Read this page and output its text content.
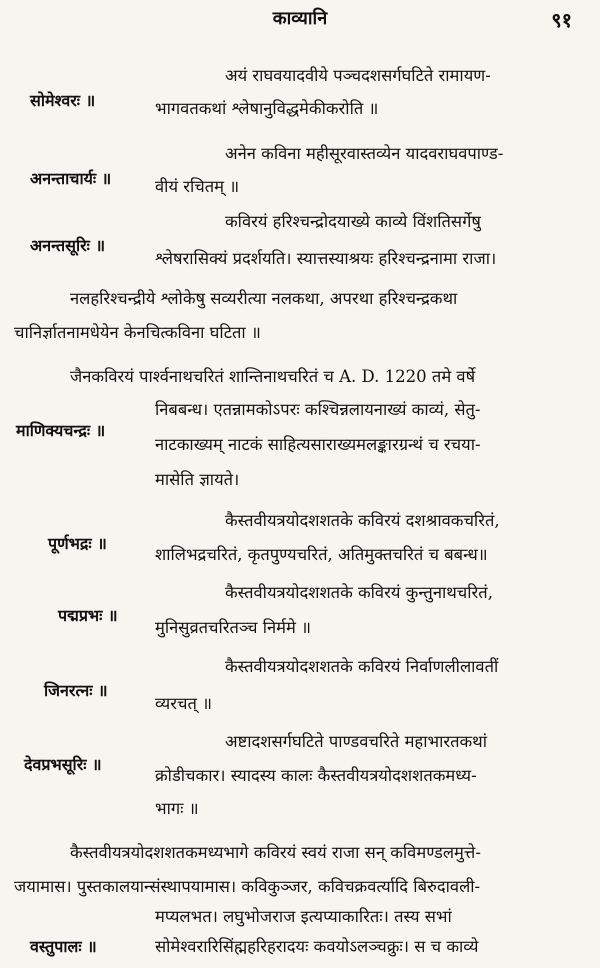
काव्यानि	९१
सोमेश्वरः ॥
अयं राघवयादवीये पञ्चदशसर्गघटिते रामायण-
भागवतकथां श्लेषानुविद्धमेकीकरोति ॥
अनन्ताचार्यः ॥
अनेन कविना महीसूरवास्तव्येन यादवराघवपाण्ड-
वीयं रचितम् ॥
अनन्तसूरिः ॥
कविरयं हरिश्चन्द्रोदयाख्ये काव्ये विंशतिसर्गेषु
श्लेषरासिक्यं प्रदर्शयति। स्यात्तस्याश्रयः हरिश्चन्द्रनामा राजा।
नलहरिश्चन्द्रीये श्लोकेषु सव्यरीत्या नलकथा, अपरथा हरिश्चन्द्रकथा
चानिर्ज्ञातनामधेयेन केनचित्कविना घटिता ॥
जैनकविरयं पार्श्वनाथचरितं शान्तिनाथचरितं च A. D. 1220 तमे वर्षे
माणिक्यचन्द्रः ॥
निबबन्ध। एतन्नामकोऽपरः कश्चिन्नलायनाख्यं काव्यं, सेतु-
नाटकाख्यम् नाटकं साहित्यसाराख्यमलङ्कारग्रन्थं च रचया-
मासेति ज्ञायते।
पूर्णभद्रः ॥
कैस्तवीयत्रयोदशशतके कविरयं दशश्रावकचरितं,
शालिभद्रचरितं, कृतपुण्यचरितं, अतिमुक्तचरितं च बबन्ध॥
पद्मप्रभः ॥
कैस्तवीयत्रयोदशशतके कविरयं कुन्तुनाथचरितं,
मुनिसुव्रतचरितञ्च निर्ममे ॥
जिनरत्नः ॥
कैस्तवीयत्रयोदशशतके कविरयं निर्वाणलीलावतीं
व्यरचत् ॥
देवप्रभसूरिः ॥
अष्टादशसर्गघटिते पाण्डवचरिते महाभारतकथां
क्रोडीचकार। स्यादस्य कालः कैस्तवीयत्रयोदशशतकमध्य-
भागः ॥
कैस्तवीयत्रयोदशशतकमध्यभागे कविरयं स्वयं राजा सन् कविमण्डलमुत्ते-
जयामास। पुस्तकालयान्संस्थापयामास। कविकुञ्जर, कविचक्रवर्त्यादि बिरुदावली-
मप्यलभत। लघुभोजराज इत्यप्याकारितः। तस्य सभां
वस्तुपालः ॥	सोमेश्वरारिसिंह्महरिहरादयः कवयोऽलञ्चक्रुः। स च काव्ये
